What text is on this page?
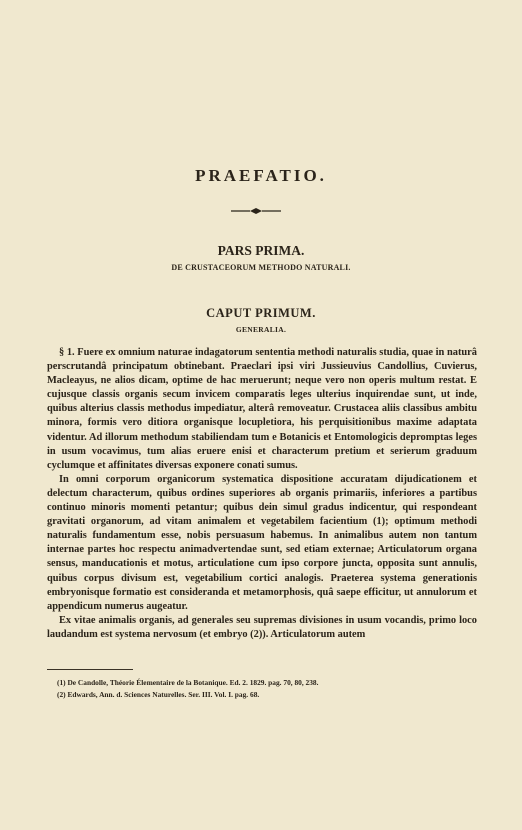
PRAEFATIO.
PARS PRIMA.
DE CRUSTACEORUM METHODO NATURALI.
CAPUT PRIMUM.
GENERALIA.

§ 1. Fuere ex omnium naturae indagatorum sententia methodi naturalis studia, quae in naturâ perscrutandâ principatum obtinebant. Praeclari ipsi viri Jussieuvius Candollius, Cuvierus, Macleayus, ne alios dicam, optime de hac meruerunt; neque vero non operis multum restat. E cujusque classis organis secum invicem comparatis leges ulterius inquirendae sunt, ut inde, quibus alterius classis methodus impediatur, alterâ removeatur. Crustacea aliis classibus ambitu minora, formis vero ditiora organisque locupletiora, his perquisitionibus maxime adaptata videntur. Ad illorum methodum stabiliendam tum e Botanicis et Entomologicis depromptas leges in usum vocavimus, tum alias eruere enisi et characterum pretium et serierum graduum cyclumque et affinitates diversas exponere conati sumus.

In omni corporum organicorum systematica dispositione accuratam dijudicationem et delectum characterum, quibus ordines superiores ab organis primariis, inferiores a partibus continuo minoris momenti petantur; quibus dein simul gradus indicentur, qui respondeant gravitati organorum, ad vitam animalem et vegetabilem facientium (1); optimum methodi naturalis fundamentum esse, nobis persuasum habemus. In animalibus autem non tantum internae partes hoc respectu animadvertendae sunt, sed etiam externae; Articulatorum organa sensus, manducationis et motus, articulatione cum ipso corpore juncta, opposita sunt annulis, quibus corpus divisum est, vegetabilium cortici analogis. Praeterea systema generationis embryonisque formatio est consideranda et metamorphosis, quâ saepe efficitur, ut annulorum et appendicum numerus augeatur.

Ex vitae animalis organis, ad generales seu supremas divisiones in usum vocandis, primo loco laudandum est systema nervosum (et embryo (2)). Articulatorum autem

(1) De Candolle, Théorie Élementaire de la Botanique. Ed. 2. 1829. pag. 70, 80, 238.
(2) Edwards, Ann. d. Sciences Naturelles. Ser. III. Vol. I. pag. 68.
